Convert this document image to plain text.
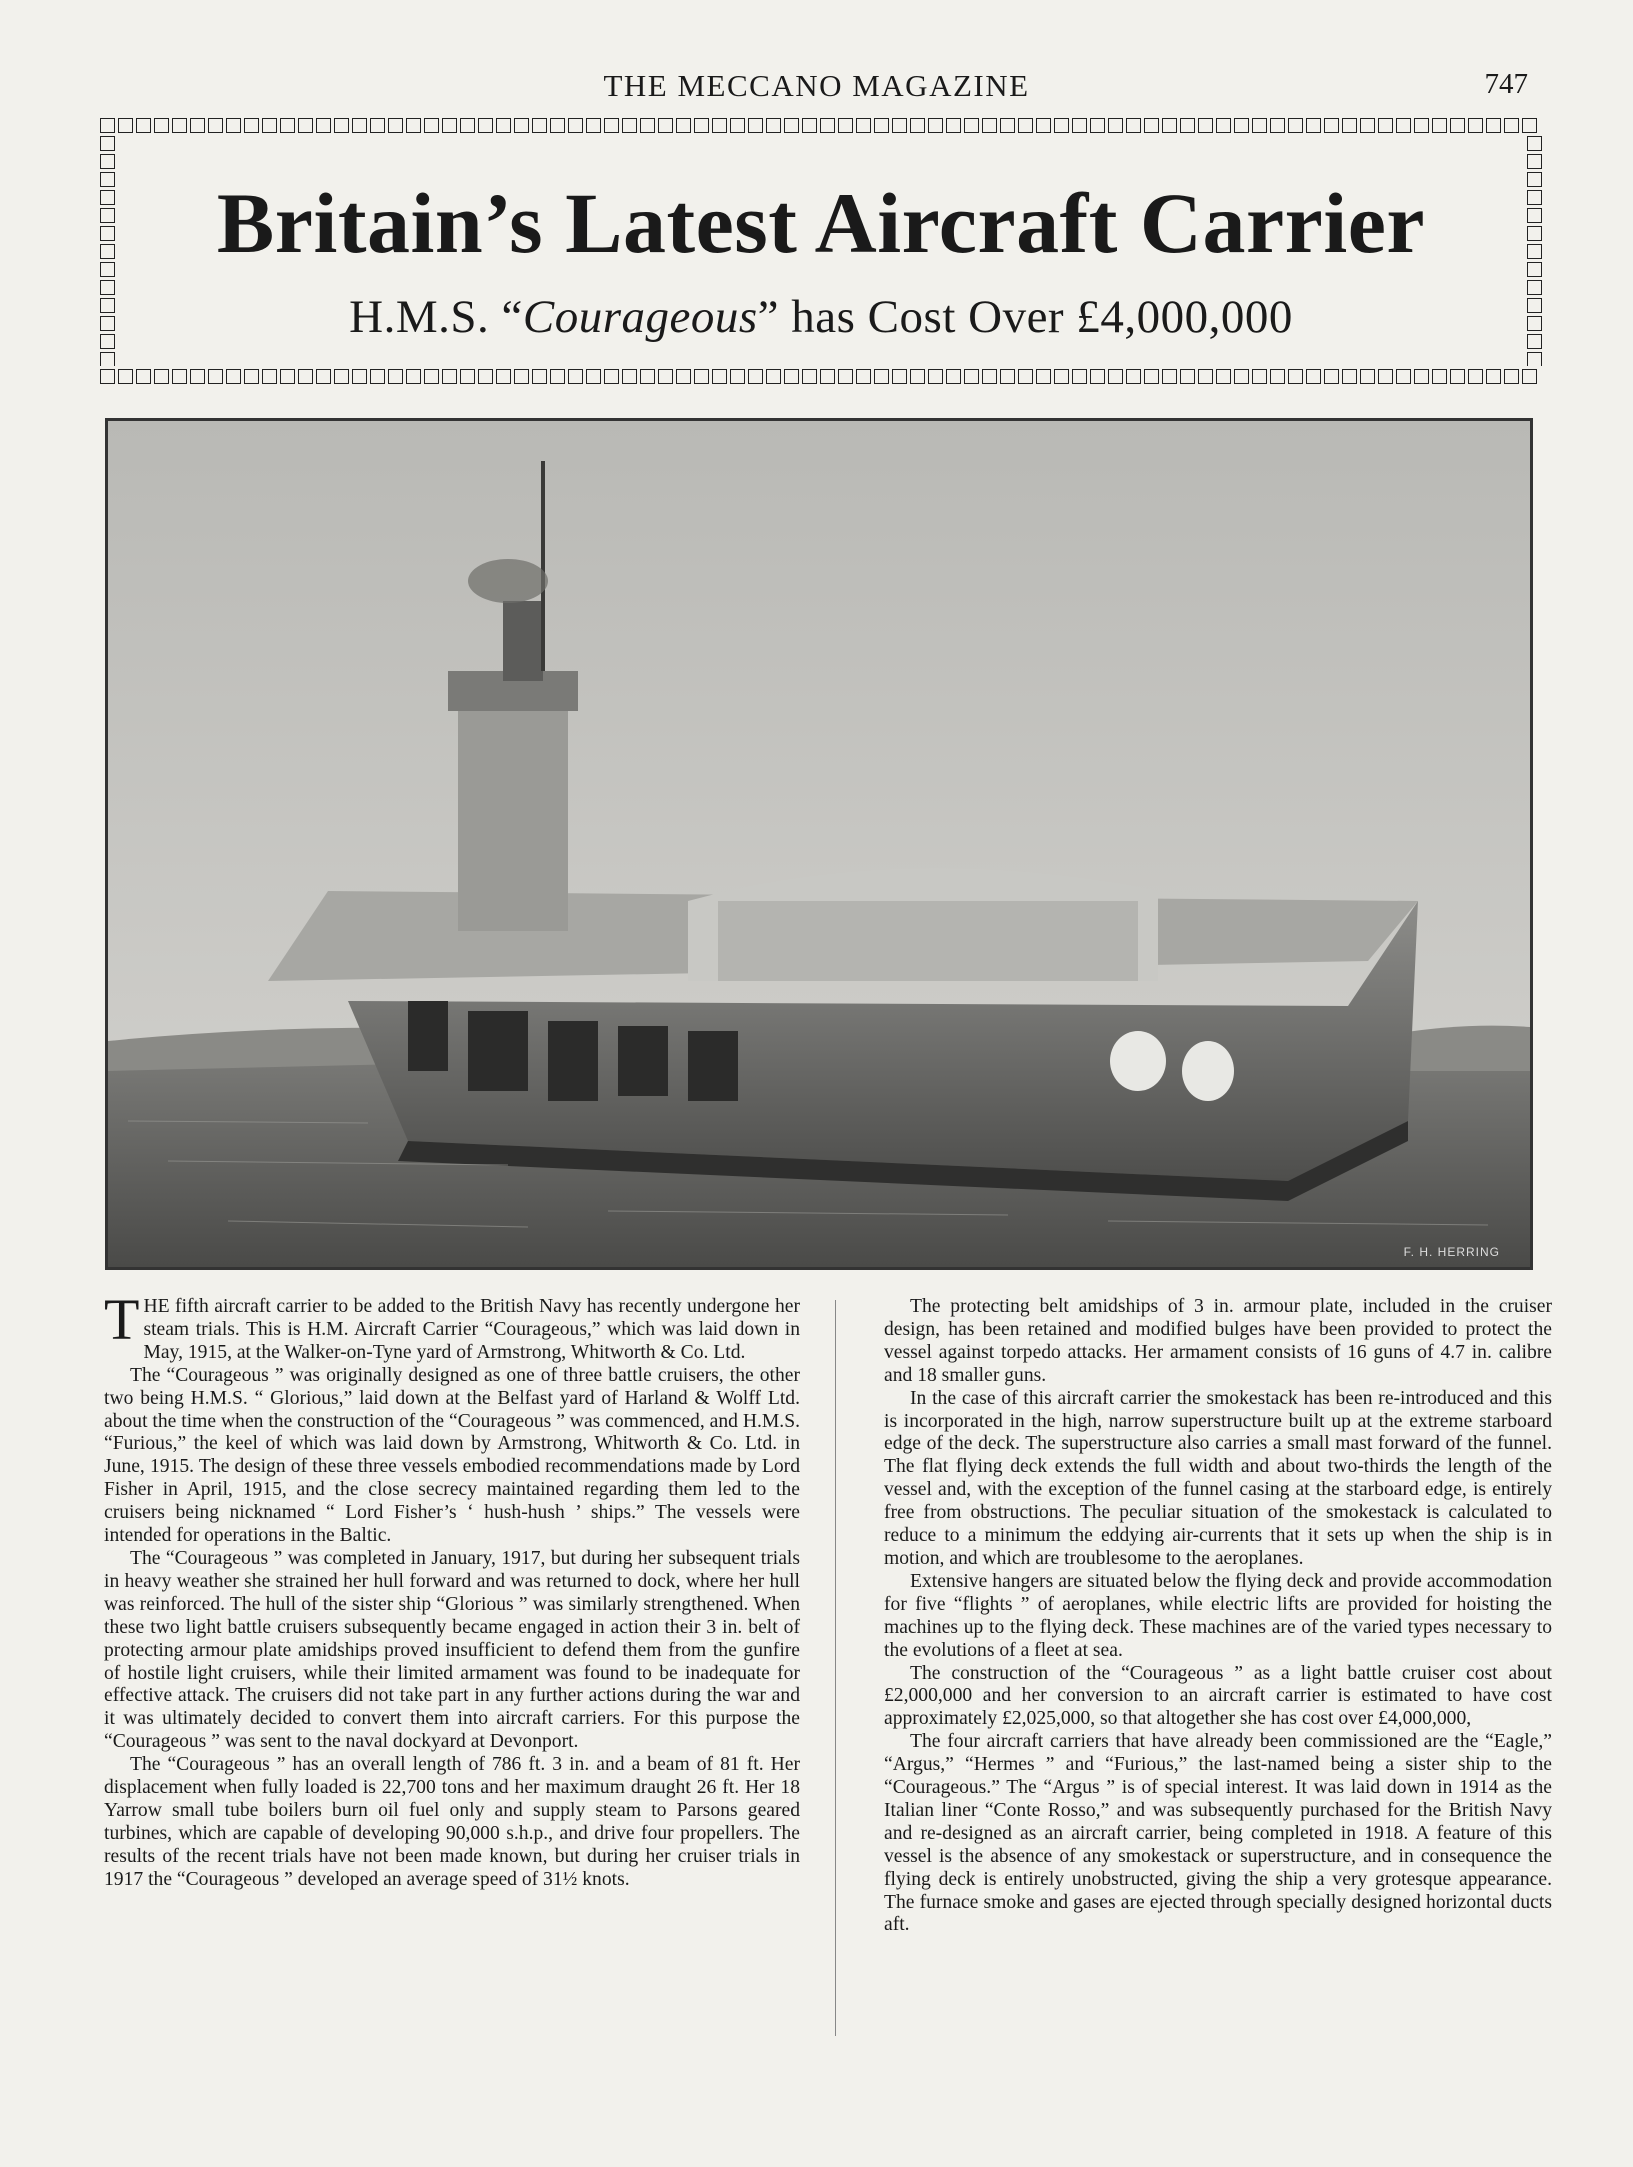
THE MECCANO MAGAZINE	747
Britain’s Latest Aircraft Carrier
H.M.S. “Courageous” has Cost Over £4,000,000
F. H. HERRING

THE fifth aircraft carrier to be added to the British Navy has recently undergone her steam trials. This is H.M. Aircraft Carrier “Courageous,” which was laid down in May, 1915, at the Walker-on-Tyne yard of Armstrong, Whitworth & Co. Ltd.

The “Courageous ” was originally designed as one of three battle cruisers, the other two being H.M.S. “ Glorious,” laid down at the Belfast yard of Harland & Wolff Ltd. about the time when the construction of the “Courageous ” was commenced, and H.M.S. “Furious,” the keel of which was laid down by Armstrong, Whitworth & Co. Ltd. in June, 1915. The design of these three vessels embodied recommendations made by Lord Fisher in April, 1915, and the close secrecy maintained regarding them led to the cruisers being nicknamed “ Lord Fisher’s ‘ hush-hush ’ ships.” The vessels were intended for operations in the Baltic.

The “Courageous ” was completed in January, 1917, but during her subsequent trials in heavy weather she strained her hull forward and was returned to dock, where her hull was reinforced. The hull of the sister ship “Glorious ” was similarly strengthened. When these two light battle cruisers subsequently became engaged in action their 3 in. belt of protecting armour plate amidships proved insufficient to defend them from the gunfire of hostile light cruisers, while their limited armament was found to be inadequate for effective attack. The cruisers did not take part in any further actions during the war and it was ultimately decided to convert them into aircraft carriers. For this purpose the “Courageous ” was sent to the naval dockyard at Devonport.

The “Courageous ” has an overall length of 786 ft. 3 in. and a beam of 81 ft. Her displacement when fully loaded is 22,700 tons and her maximum draught 26 ft. Her 18 Yarrow small tube boilers burn oil fuel only and supply steam to Parsons geared turbines, which are capable of developing 90,000 s.h.p., and drive four propellers. The results of the recent trials have not been made known, but during her cruiser trials in 1917 the “Courageous ” developed an average speed of 31½ knots.

The protecting belt amidships of 3 in. armour plate, included in the cruiser design, has been retained and modified bulges have been provided to protect the vessel against torpedo attacks. Her armament consists of 16 guns of 4.7 in. calibre and 18 smaller guns.

In the case of this aircraft carrier the smokestack has been re-introduced and this is incorporated in the high, narrow superstructure built up at the extreme starboard edge of the deck. The superstructure also carries a small mast forward of the funnel. The flat flying deck extends the full width and about two-thirds the length of the vessel and, with the exception of the funnel casing at the starboard edge, is entirely free from obstructions. The peculiar situation of the smokestack is calculated to reduce to a minimum the eddying air-currents that it sets up when the ship is in motion, and which are troublesome to the aeroplanes.

Extensive hangers are situated below the flying deck and provide accommodation for five “flights ” of aeroplanes, while electric lifts are provided for hoisting the machines up to the flying deck. These machines are of the varied types necessary to the evolutions of a fleet at sea.

The construction of the “Courageous ” as a light battle cruiser cost about £2,000,000 and her conversion to an aircraft carrier is estimated to have cost approximately £2,025,000, so that altogether she has cost over £4,000,000,

The four aircraft carriers that have already been commissioned are the “Eagle,” “Argus,” “Hermes ” and “Furious,” the last-named being a sister ship to the “Courageous.” The “Argus ” is of special interest. It was laid down in 1914 as the Italian liner “Conte Rosso,” and was subsequently purchased for the British Navy and re-designed as an aircraft carrier, being completed in 1918. A feature of this vessel is the absence of any smokestack or superstructure, and in consequence the flying deck is entirely unobstructed, giving the ship a very grotesque appearance. The furnace smoke and gases are ejected through specially designed horizontal ducts aft.
